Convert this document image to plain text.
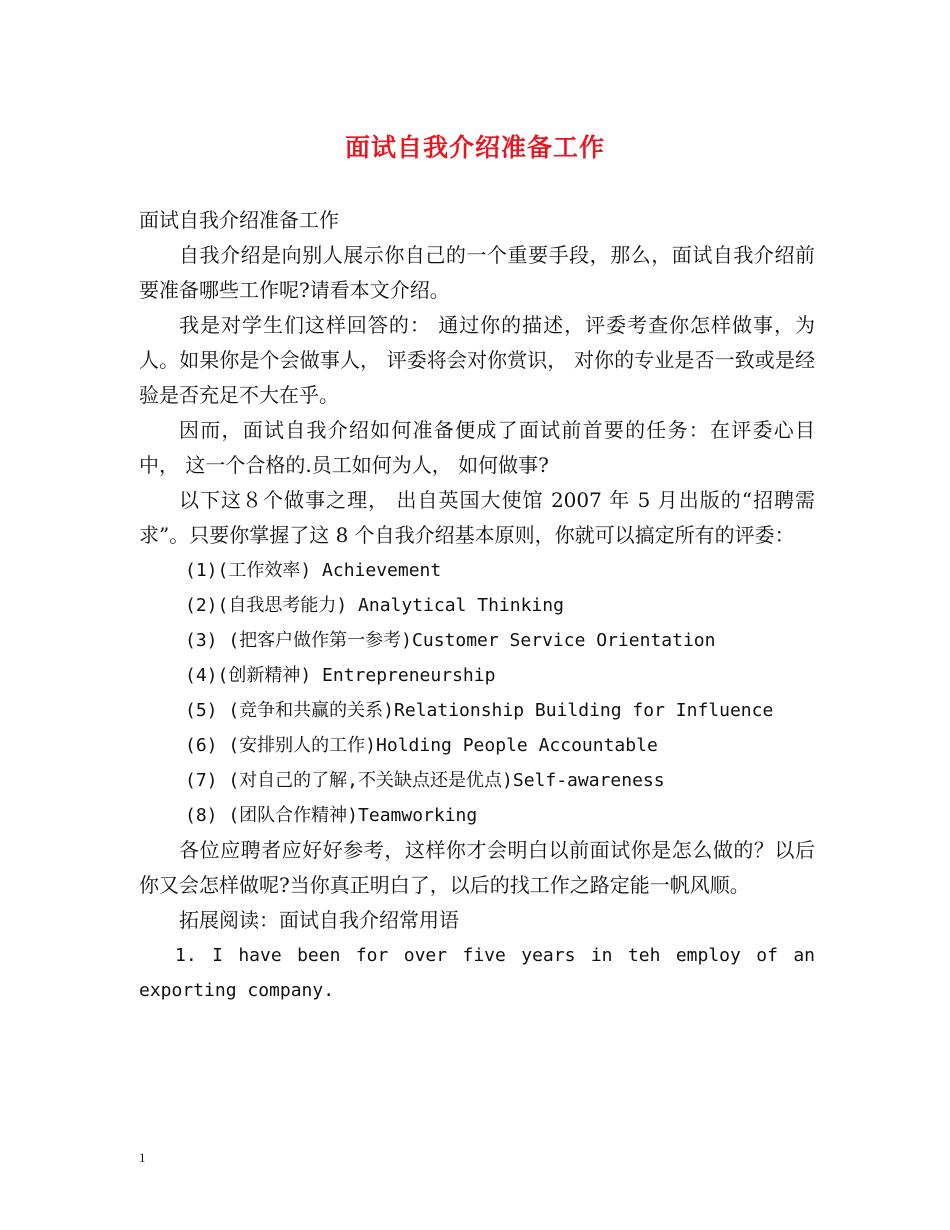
面试自我介绍准备工作

面试自我介绍准备工作

自我介绍是向别人展示你自己的一个重要手段，那么，面试自我介绍前要准备哪些工作呢?请看本文介绍。

我是对学生们这样回答的： 通过你的描述，评委考查你怎样做事，为人。如果你是个会做事人， 评委将会对你赏识， 对你的专业是否一致或是经验是否充足不大在乎。

因而，面试自我介绍如何准备便成了面试前首要的任务：在评委心目中， 这一个合格的.员工如何为人， 如何做事?

以下这８个做事之理， 出自英国大使馆 2007 年 5 月出版的“招聘需求”。只要你掌握了这 8 个自我介绍基本原则，你就可以搞定所有的评委：

(1)(工作效率) Achievement
(2)(自我思考能力) Analytical Thinking
(3) (把客户做作第一参考)Customer Service Orientation
(4)(创新精神) Entrepreneurship
(5) (竞争和共赢的关系)Relationship Building for Influence
(6) (安排别人的工作)Holding People Accountable
(7) (对自己的了解,不关缺点还是优点)Self-awareness
(8) (团队合作精神)Teamworking

各位应聘者应好好参考，这样你才会明白以前面试你是怎么做的？以后你又会怎样做呢?当你真正明白了，以后的找工作之路定能一帆风顺。

拓展阅读：面试自我介绍常用语

1. I have been for over five years in teh employ of an exporting company.

1
